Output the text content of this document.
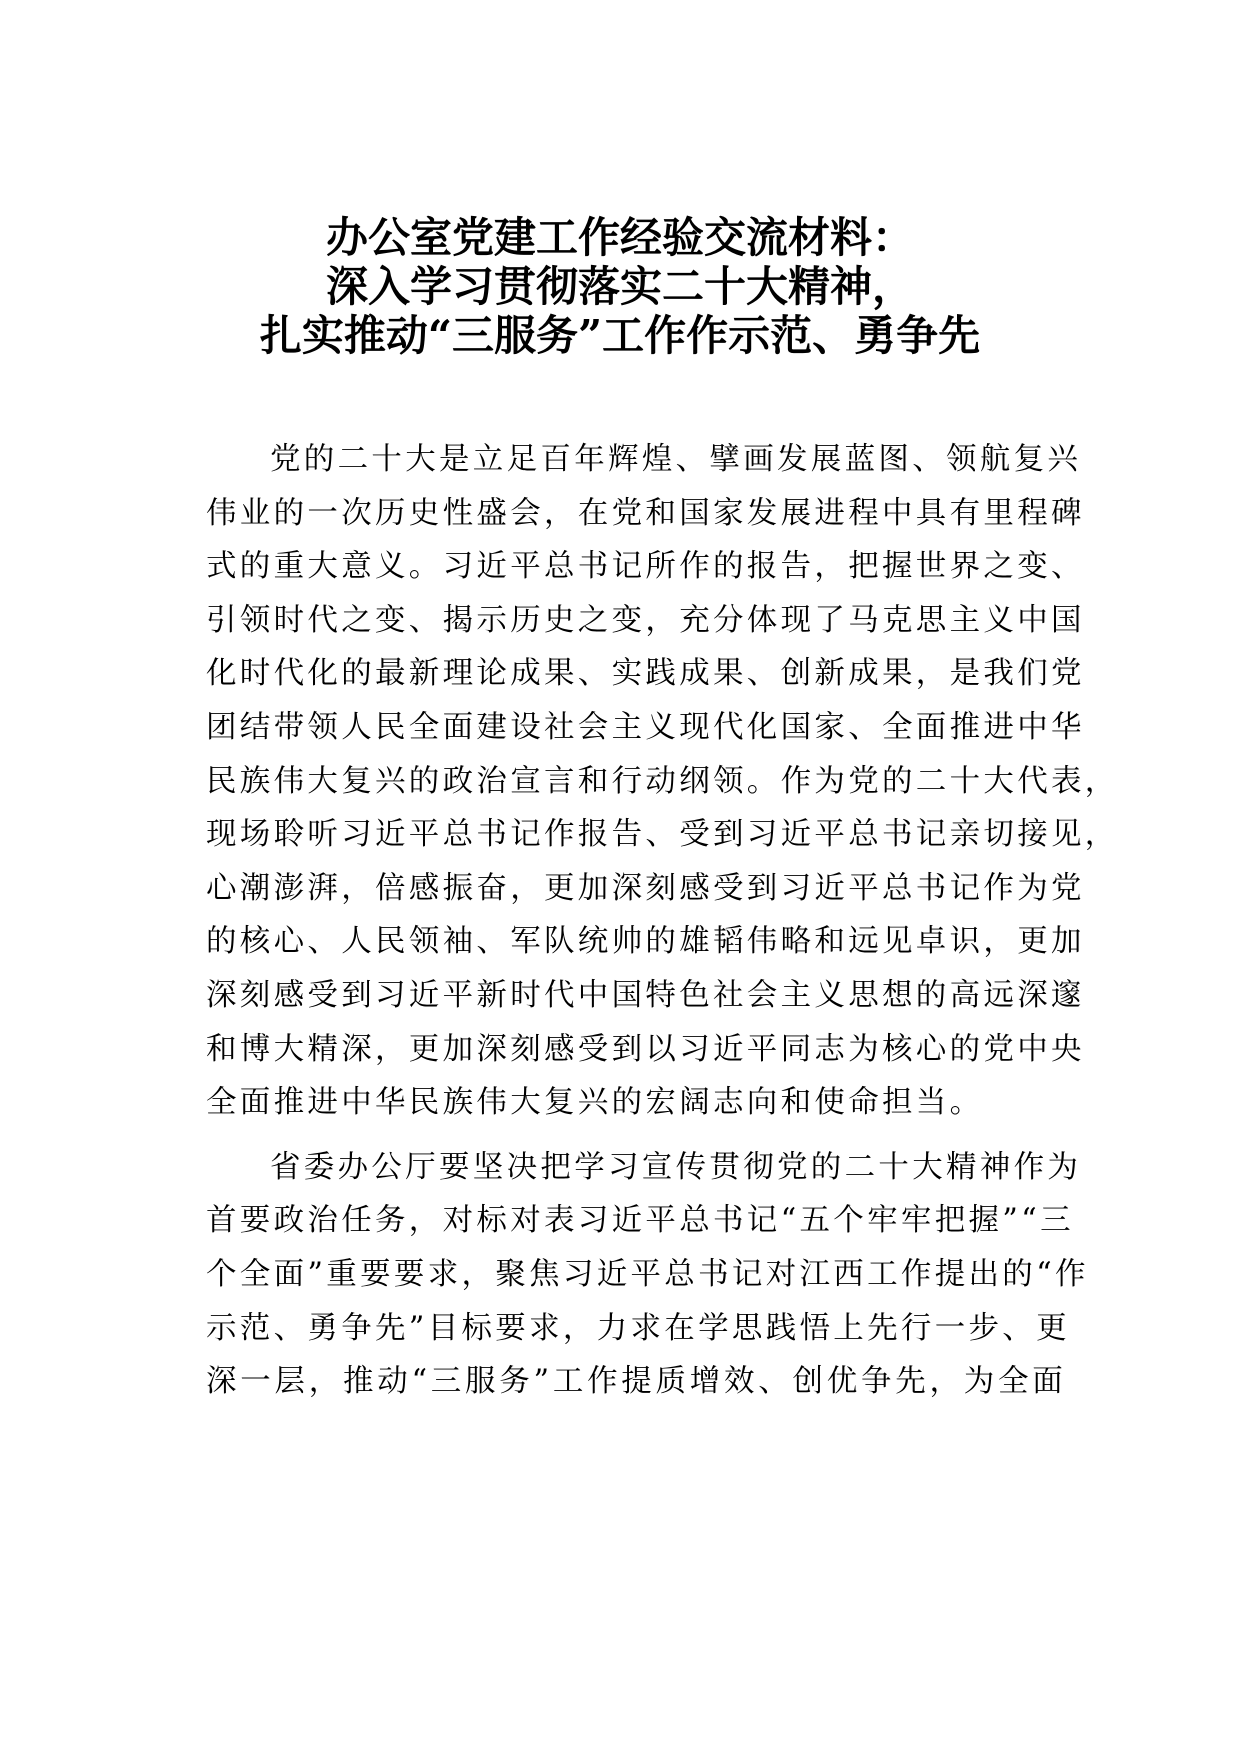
办公室党建工作经验交流材料：
深入学习贯彻落实二十大精神，
扎实推动“三服务”工作作示范、勇争先
党的二十大是立足百年辉煌、擘画发展蓝图、领航复兴
伟业的一次历史性盛会，在党和国家发展进程中具有里程碑
式的重大意义。习近平总书记所作的报告，把握世界之变、
引领时代之变、揭示历史之变，充分体现了马克思主义中国
化时代化的最新理论成果、实践成果、创新成果，是我们党
团结带领人民全面建设社会主义现代化国家、全面推进中华
民族伟大复兴的政治宣言和行动纲领。作为党的二十大代表，
现场聆听习近平总书记作报告、受到习近平总书记亲切接见，
心潮澎湃，倍感振奋，更加深刻感受到习近平总书记作为党
的核心、人民领袖、军队统帅的雄韬伟略和远见卓识，更加
深刻感受到习近平新时代中国特色社会主义思想的高远深邃
和博大精深，更加深刻感受到以习近平同志为核心的党中央
全面推进中华民族伟大复兴的宏阔志向和使命担当。
省委办公厅要坚决把学习宣传贯彻党的二十大精神作为
首要政治任务，对标对表习近平总书记“五个牢牢把握”“三
个全面”重要要求，聚焦习近平总书记对江西工作提出的“作
示范、勇争先”目标要求，力求在学思践悟上先行一步、更
深一层，推动“三服务”工作提质增效、创优争先，为全面
